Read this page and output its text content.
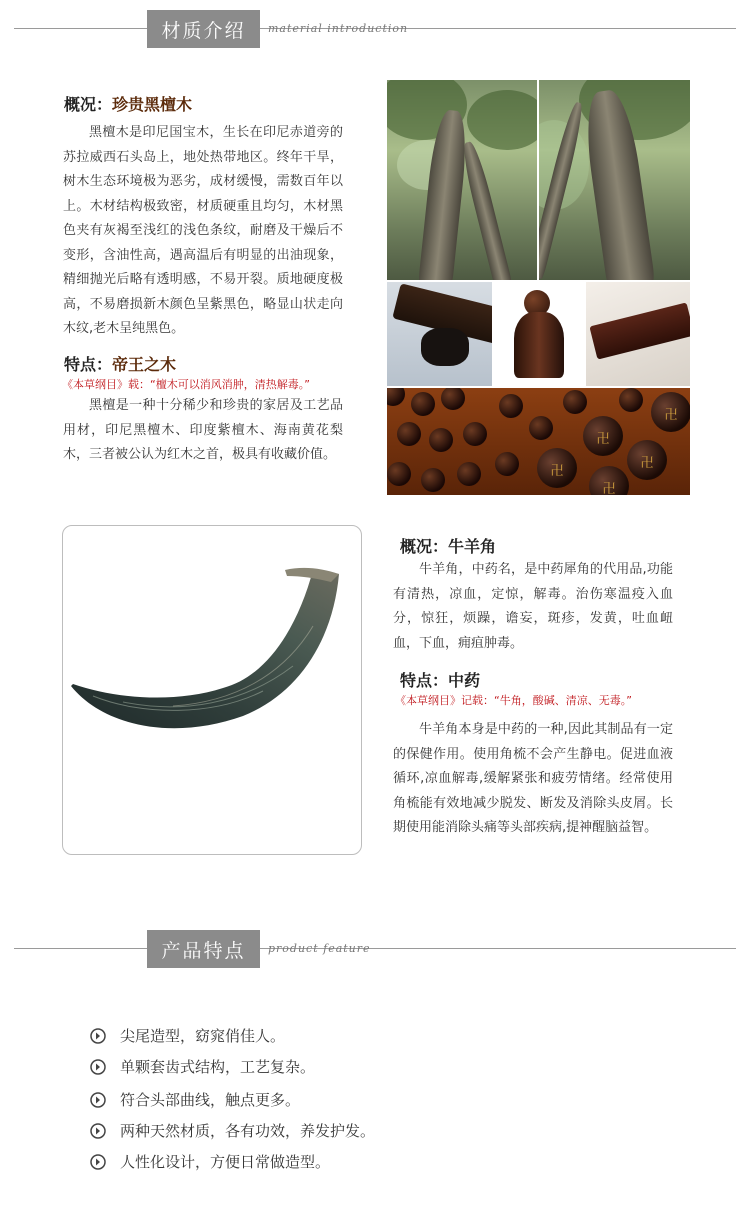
材质介绍	material introduction
概况：珍贵黑檀木

黑檀木是印尼国宝木，生长在印尼赤道旁的苏拉威西石头岛上，地处热带地区。终年干旱，树木生态环境极为恶劣，成材缓慢，需数百年以上。木材结构极致密，材质硬重且均匀，木材黑色夹有灰褐至浅红的浅色条纹，耐磨及干燥后不变形，含油性高，遇高温后有明显的出油现象，精细抛光后略有透明感，不易开裂。质地硬度极高，不易磨损新木颜色呈紫黑色，略显山状走向木纹,老木呈纯黑色。

特点：帝王之木
《本草纲目》载：“檀木可以消风消肿，清热解毒。”

黑檀是一种十分稀少和珍贵的家居及工艺品用材，印尼黑檀木、印度紫檀木、海南黄花梨木，三者被公认为红木之首，极具有收藏价值。

卍
卍
卍
卍
卍
概况：牛羊角

牛羊角，中药名，是中药犀角的代用品,功能有清热，凉血，定惊，解毒。治伤寒温疫入血分，惊狂，烦躁，谵妄，斑疹，发黄，吐血衄血，下血，痈疽肿毒。

特点：中药
《本草纲目》记载：“牛角，酸碱、清凉、无毒。”

牛羊角本身是中药的一种,因此其制品有一定的保健作用。使用角梳不会产生静电。促进血液循环,凉血解毒,缓解紧张和疲劳情绪。经常使用角梳能有效地减少脱发、断发及消除头皮屑。长期使用能消除头痛等头部疾病,提神醒脑益智。

产品特点	product feature
尖尾造型，窈窕俏佳人。
单颗套齿式结构，工艺复杂。
符合头部曲线，触点更多。
两种天然材质，各有功效，养发护发。
人性化设计，方便日常做造型。
